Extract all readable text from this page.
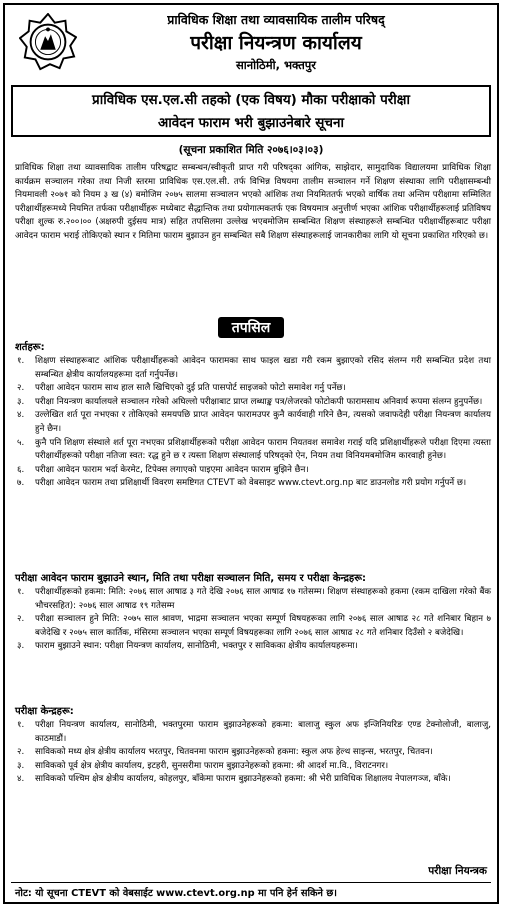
प्राविधिक शिक्षा तथा व्यावसायिक तालीम परिषद्
परीक्षा नियन्त्रण कार्यालय
सानोठिमी, भक्तपुर
प्राविधिक एस.एल.सी तहको (एक विषय) मौका परीक्षाको परीक्षा
आवेदन फाराम भरी बुझाउनेबारे सूचना
(सूचना प्रकाशित मिति २०७६।०३।०३)
प्राविधिक शिक्षा तथा व्यावसायिक तालीम परिषद्बाट सम्बन्धन/स्वीकृती प्राप्त गरी परिषद्का आंगिक, साझेदार, सामुदायिक विद्यालयमा प्राविधिक शिक्षा कार्यक्रम सञ्चालन गरेका तथा निजी स्तरमा प्राविधिक एस.एल.सी. तर्फ विभिन्न विषयमा तालीम सञ्चालन गर्ने शिक्षण संस्थाका लागि परीक्षासम्बन्धी नियमावली २०७१ को नियम ३ ख (४) बमोजिम २०७५ सालमा सञ्चालन भएको आंशिक तथा नियमिततर्फ भएको वार्षिक तथा अन्तिम परीक्षामा सम्मिलित परीक्षार्थीहरूमध्ये नियमित तर्फका परीक्षार्थीहरू मध्येबाट सैद्धान्तिक तथा प्रयोगात्मकतर्फ एक विषयमात्र अनुत्तीर्ण भएका आंशिक परीक्षार्थीहरूलाई प्रतिविषय परीक्षा शुल्क रु.२००।०० (अक्षरुपी दुईसय मात्र) सहित तपसिलमा उल्लेख भएबमोजिम सम्बन्धित शिक्षण संस्थाहरूले सम्बन्धित परीक्षार्थीहरूबाट परीक्षा आवेदन फाराम भराई तोकिएको स्थान र मितिमा फाराम बुझाउन हुन सम्बन्धित सबै शिक्षण संस्थाहरूलाई जानकारीका लागि यो सूचना प्रकाशित गरिएको छ।
तपसिल
शर्तहरू:
१. शिक्षण संस्थाहरूबाट आंशिक परीक्षार्थीहरूको आवेदन फारामका साथ फाइल खडा गरी रकम बुझाएको रसिद संलग्न गरी सम्बन्धित प्रदेश तथा सम्बन्धित क्षेत्रीय कार्यालयहरूमा दर्ता गर्नुपर्नेछ।
२. परीक्षा आवेदन फाराम साथ हाल सालै खिचिएको दुई प्रति पासपोर्ट साइजको फोटो समावेश गर्नु पर्नेछ।
३. परीक्षा नियन्त्रण कार्यालयले सञ्चालन गरेको अघिल्लो परीक्षाबाट प्राप्त लब्धाङ्क पत्र/लेजरको फोटोकपी फारामसाथ अनिवार्य रूपमा संलग्न हुनुपर्नेछ।
४. उल्लेखित शर्त पूरा नभएका र तोकिएको समयपछि प्राप्त आवेदन फारामउपर कुनै कार्यवाही गरिने छैन, त्यसको जवाफदेही परीक्षा नियन्त्रण कार्यालय हुने छैन।
५. कुनै पनि शिक्षण संस्थाले शर्त पूरा नभएका प्रशिक्षार्थीहरूको परीक्षा आवेदन फाराम नियतवश समावेश गराई यदि प्रशिक्षार्थीहरूले परीक्षा दिएमा त्यस्ता परीक्षार्थीहरूको परीक्षा नतिजा स्वत: रद्ध हुने छ र त्यस्ता शिक्षण संस्थालाई परिषद्को ऐन, नियम तथा विनियमबमोजिम कारवाही हुनेछ।
६. परीक्षा आवेदन फाराम भर्दा केरमेट, टिपेक्स लगाएको पाइएमा आवेदन फाराम बुझिने छैन।
७. परीक्षा आवेदन फाराम तथा प्रशिक्षार्थी विवरण समष्टिगत CTEVT को वेबसाइट www.ctevt.org.np बाट डाउनलोड गरी प्रयोग गर्नुपर्ने छ।
परीक्षा आवेदन फाराम बुझाउने स्थान, मिति तथा परीक्षा सञ्चालन मिति, समय र परीक्षा केन्द्रहरू:
१. परीक्षार्थीहरूको हकमा: मिति: २०७६ साल आषाढ ३ गते देखि २०७६ साल आषाढ १७ गतेसम्म। शिक्षण संस्थाहरूको हकमा (रकम दाखिला गरेको बैंक भौचरसहित): २०७६ साल आषाढ १९ गतेसम्म
२. परीक्षा सञ्चालन हुने मिति: २०७५ साल श्रावण, भाद्रमा सञ्चालन भएका सम्पूर्ण विषयहरूका लागि २०७६ साल आषाढ २८ गते शनिबार बिहान ७ बजेदेखि र २०७५ साल कार्तिक, मंसिरमा सञ्चालन भएका सम्पूर्ण विषयहरूका लागि २०७६ साल आषाढ २८ गते शनिबार दिउँसो २ बजेदेखि।
३. फाराम बुझाउने स्थान: परीक्षा नियन्त्रण कार्यालय, सानोठिमी, भक्तपुर र साविकका क्षेत्रीय कार्यालयहरूमा।
परीक्षा केन्द्रहरू:
१. परीक्षा नियन्त्रण कार्यालय, सानोठिमी, भक्तपुरमा फाराम बुझाउनेहरूको हकमा: बालाजु स्कुल अफ इन्जिनियरिङ एण्ड टेक्नोलोजी, बालाजु, काठमाडौं।
२. साविकको मध्य क्षेत्र क्षेत्रीय कार्यालय भरतपुर, चितवनमा फाराम बुझाउनेहरूको हकमा: स्कुल अफ हेल्थ साइन्स, भरतपुर, चितवन।
३. साविकको पूर्व क्षेत्र क्षेत्रीय कार्यालय, इटहरी, सुनसरीमा फाराम बुझाउनेहरूको हकमा: श्री आदर्श मा.वि., विराटनगर।
४. साविकको पश्चिम क्षेत्र क्षेत्रीय कार्यालय, कोहलपुर, बाँकेमा फाराम बुझाउनेहरूको हकमा: श्री भेरी प्राविधिक शिक्षालय नेपालगञ्ज, बाँके।
परीक्षा नियन्त्रक
नोट: यो सूचना CTEVT को वेबसाईट www.ctevt.org.np मा पनि हेर्न सकिने छ।
